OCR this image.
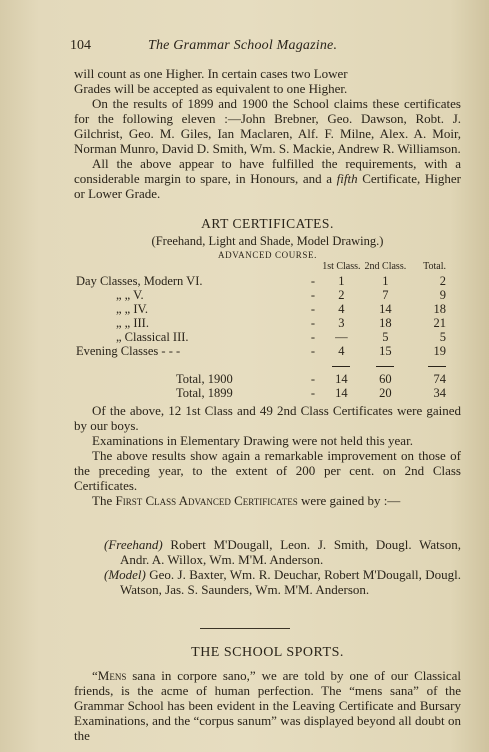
104	The Grammar School Magazine.
will count as one Higher. In certain cases two Lower
Grades will be accepted as equivalent to one Higher.
On the results of 1899 and 1900 the School claims these certificates for the following eleven :—John Brebner, Geo. Dawson, Robt. J. Gilchrist, Geo. M. Giles, Ian Maclaren, Alf. F. Milne, Alex. A. Moir, Norman Munro, David D. Smith, Wm. S. Mackie, Andrew R. Williamson.
All the above appear to have fulfilled the requirements, with a considerable margin to spare, in Honours, and a fifth Certificate, Higher or Lower Grade.
ART CERTIFICATES.
(Freehand, Light and Shade, Model Drawing.)
ADVANCED COURSE.
		1st Class.	2nd Class.	Total.
Day Classes, Modern VI.	-	1	1	2
„ „ V.	-	2	7	9
„ „ IV.	-	4	14	18
„ „ III.	-	3	18	21
„ Classical III.	-	—	5	5
Evening Classes - - -	-	4	15	19

Total, 1900	-	14	60	74
Total, 1899	-	14	20	34
Of the above, 12 1st Class and 49 2nd Class Certificates were gained by our boys.
Examinations in Elementary Drawing were not held this year.
The above results show again a remarkable improvement on those of the preceding year, to the extent of 200 per cent. on 2nd Class Certificates.
The First Class Advanced Certificates were gained by :—
(Freehand) Robert M'Dougall, Leon. J. Smith, Dougl. Watson, Andr. A. Willox, Wm. M'M. Anderson.
(Model) Geo. J. Baxter, Wm. R. Deuchar, Robert M'Dougall, Dougl. Watson, Jas. S. Saunders, Wm. M'M. Anderson.
THE SCHOOL SPORTS.
“Mens sana in corpore sano,” we are told by one of our Classical friends, is the acme of human perfection. The “mens sana” of the Grammar School has been evident in the Leaving Certificate and Bursary Examinations, and the “corpus sanum” was displayed beyond all doubt on the
